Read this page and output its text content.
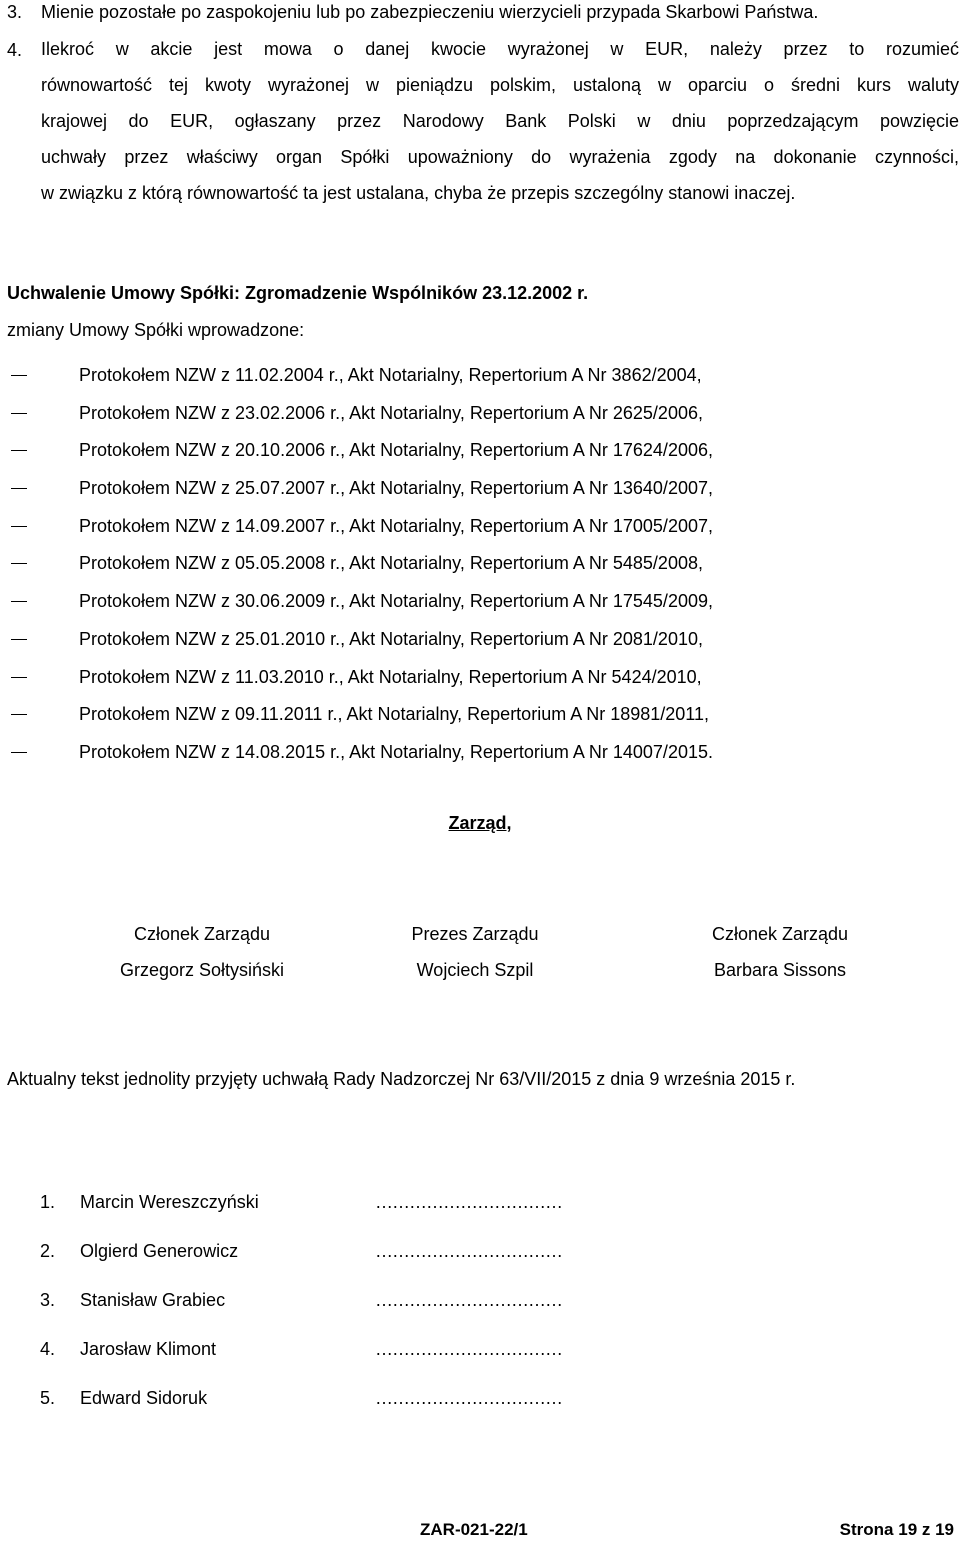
3. Mienie pozostałe po zaspokojeniu lub po zabezpieczeniu wierzycieli przypada Skarbowi Państwa.
4. Ilekroć w akcie jest mowa o danej kwocie wyrażonej w EUR, należy przez to rozumieć
równowartość tej kwoty wyrażonej w pieniądzu polskim, ustaloną w oparciu o średni kurs waluty
krajowej do EUR, ogłaszany przez Narodowy Bank Polski w dniu poprzedzającym powzięcie
uchwały przez właściwy organ Spółki upoważniony do wyrażenia zgody na dokonanie czynności,
w związku z którą równowartość ta jest ustalana, chyba że przepis szczególny stanowi inaczej.
Uchwalenie Umowy Spółki: Zgromadzenie Wspólników 23.12.2002 r.
zmiany Umowy Spółki wprowadzone:
Protokołem NZW z 11.02.2004 r., Akt Notarialny, Repertorium A Nr 3862/2004,
Protokołem NZW z 23.02.2006 r., Akt Notarialny, Repertorium A Nr 2625/2006,
Protokołem NZW z 20.10.2006 r., Akt Notarialny, Repertorium A Nr 17624/2006,
Protokołem NZW z 25.07.2007 r., Akt Notarialny, Repertorium A Nr 13640/2007,
Protokołem NZW z 14.09.2007 r., Akt Notarialny, Repertorium A Nr 17005/2007,
Protokołem NZW z 05.05.2008 r., Akt Notarialny, Repertorium A Nr 5485/2008,
Protokołem NZW z 30.06.2009 r., Akt Notarialny, Repertorium A Nr 17545/2009,
Protokołem NZW z 25.01.2010 r., Akt Notarialny, Repertorium A Nr 2081/2010,
Protokołem NZW z 11.03.2010 r., Akt Notarialny, Repertorium A Nr 5424/2010,
Protokołem NZW z 09.11.2011 r., Akt Notarialny, Repertorium A Nr 18981/2011,
Protokołem NZW z 14.08.2015 r., Akt Notarialny, Repertorium A Nr 14007/2015.
Zarząd,
Członek Zarządu	Prezes Zarządu	Członek Zarządu
Grzegorz Sołtysiński	Wojciech Szpil	Barbara Sissons
Aktualny tekst jednolity przyjęty uchwałą Rady Nadzorczej Nr 63/VII/2015 z dnia 9 września 2015 r.
1. Marcin Wereszczyński	……………………………
2. Olgierd Generowicz	……………………………
3. Stanisław Grabiec	……………………………
4. Jarosław Klimont	……………………………
5. Edward Sidoruk	……………………………
ZAR-021-22/1	Strona 19 z 19
